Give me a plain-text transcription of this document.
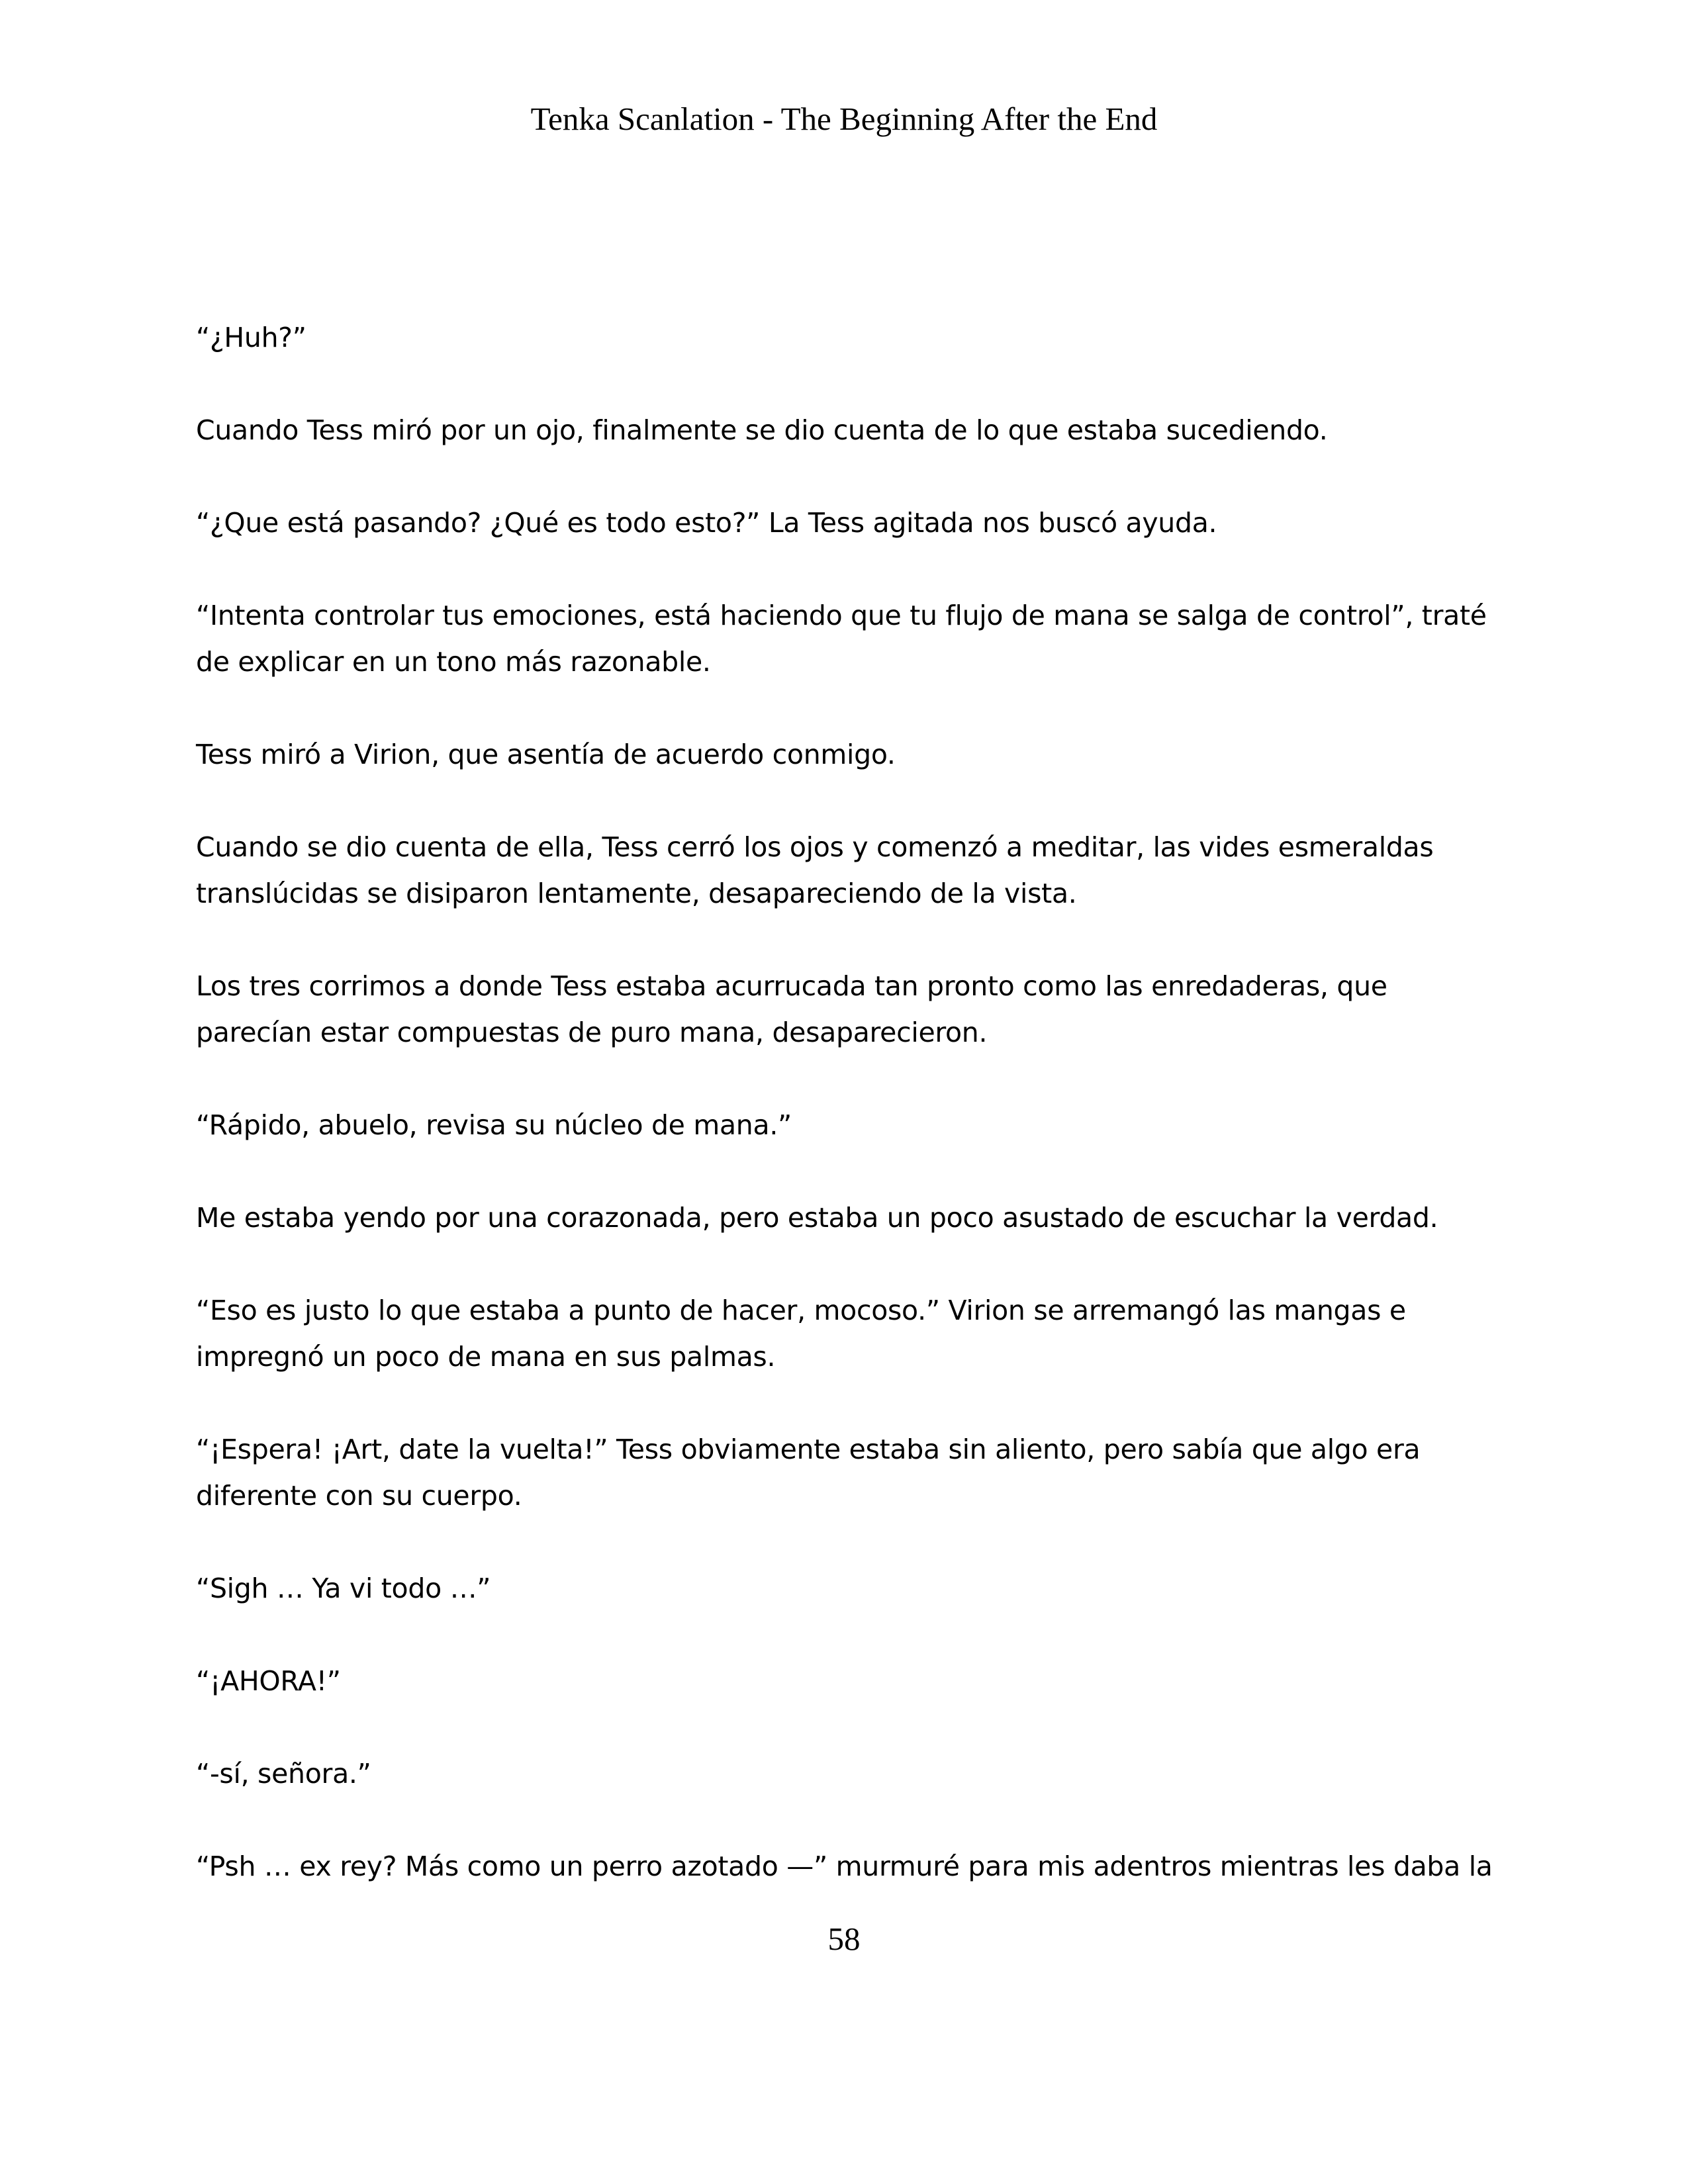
Tenka Scanlation - The Beginning After the End

“¿Huh?”

Cuando Tess miró por un ojo, finalmente se dio cuenta de lo que estaba sucediendo.

“¿Que está pasando? ¿Qué es todo esto?” La Tess agitada nos buscó ayuda.

“Intenta controlar tus emociones, está haciendo que tu flujo de mana se salga de control”, traté de explicar en un tono más razonable.

Tess miró a Virion, que asentía de acuerdo conmigo.

Cuando se dio cuenta de ella, Tess cerró los ojos y comenzó a meditar, las vides esmeraldas translúcidas se disiparon lentamente, desapareciendo de la vista.

Los tres corrimos a donde Tess estaba acurrucada tan pronto como las enredaderas, que parecían estar compuestas de puro mana, desaparecieron.

“Rápido, abuelo, revisa su núcleo de mana.”

Me estaba yendo por una corazonada, pero estaba un poco asustado de escuchar la verdad.

“Eso es justo lo que estaba a punto de hacer, mocoso.” Virion se arremangó las mangas e impregnó un poco de mana en sus palmas.

“¡Espera! ¡Art, date la vuelta!” Tess obviamente estaba sin aliento, pero sabía que algo era diferente con su cuerpo.

“Sigh … Ya vi todo …”

“¡AHORA!”

“-sí, señora.”

“Psh … ex rey? Más como un perro azotado —” murmuré para mis adentros mientras les daba la

58
